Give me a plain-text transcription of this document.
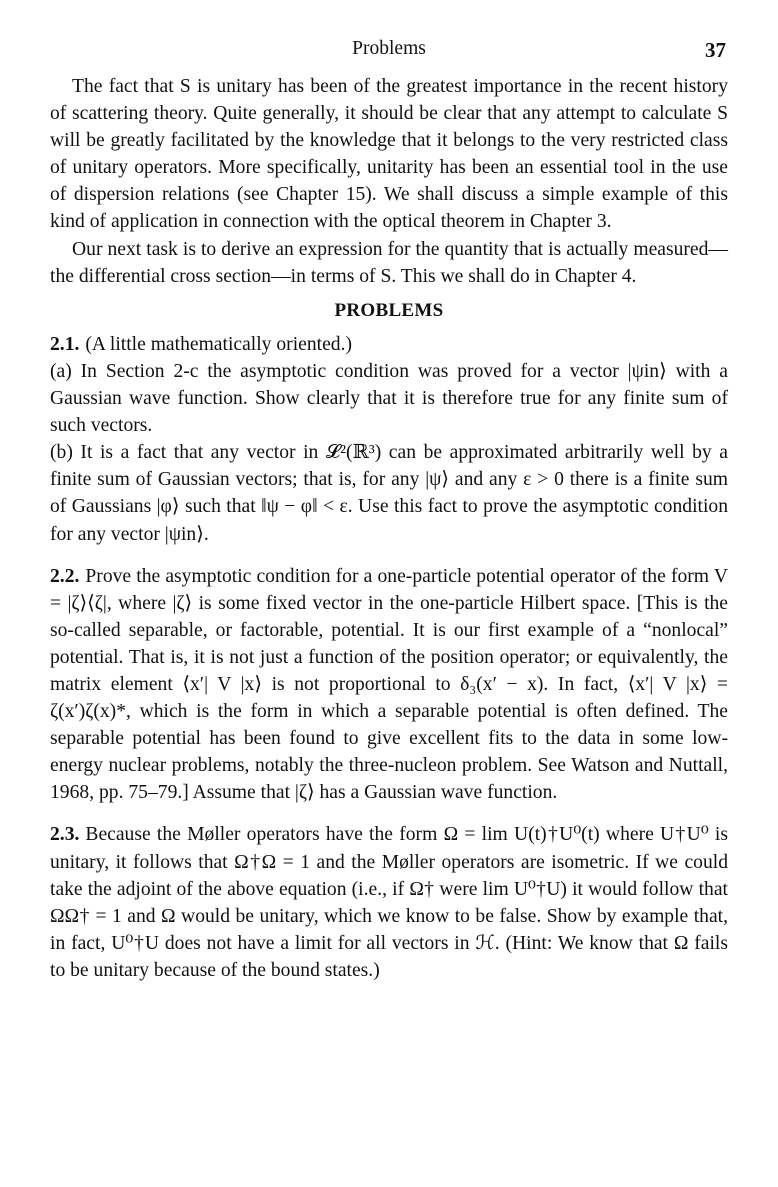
Problems	37

The fact that S is unitary has been of the greatest importance in the recent history of scattering theory. Quite generally, it should be clear that any attempt to calculate S will be greatly facilitated by the knowledge that it belongs to the very restricted class of unitary operators. More specifically, unitarity has been an essential tool in the use of dispersion relations (see Chapter 15). We shall discuss a simple example of this kind of application in connection with the optical theorem in Chapter 3.

Our next task is to derive an expression for the quantity that is actually measured—the differential cross section—in terms of S. This we shall do in Chapter 4.

PROBLEMS

2.1. (A little mathematically oriented.)

(a) In Section 2-c the asymptotic condition was proved for a vector |ψin⟩ with a Gaussian wave function. Show clearly that it is therefore true for any finite sum of such vectors.

(b) It is a fact that any vector in 𝓛²(ℝ³) can be approximated arbitrarily well by a finite sum of Gaussian vectors; that is, for any |ψ⟩ and any ε > 0 there is a finite sum of Gaussians |φ⟩ such that ‖ψ − φ‖ < ε. Use this fact to prove the asymptotic condition for any vector |ψin⟩.

2.2. Prove the asymptotic condition for a one-particle potential operator of the form V = |ζ⟩⟨ζ|, where |ζ⟩ is some fixed vector in the one-particle Hilbert space. [This is the so-called separable, or factorable, potential. It is our first example of a “nonlocal” potential. That is, it is not just a function of the position operator; or equivalently, the matrix element ⟨x′| V |x⟩ is not proportional to δ₃(x′ − x). In fact, ⟨x′| V |x⟩ = ζ(x′)ζ(x)*, which is the form in which a separable potential is often defined. The separable potential has been found to give excellent fits to the data in some low-energy nuclear problems, notably the three-nucleon problem. See Watson and Nuttall, 1968, pp. 75–79.] Assume that |ζ⟩ has a Gaussian wave function.

2.3. Because the Møller operators have the form Ω = lim U(t)†U⁰(t) where U†U⁰ is unitary, it follows that Ω†Ω = 1 and the Møller operators are isometric. If we could take the adjoint of the above equation (i.e., if Ω† were lim U⁰†U) it would follow that ΩΩ† = 1 and Ω would be unitary, which we know to be false. Show by example that, in fact, U⁰†U does not have a limit for all vectors in ℋ. (Hint: We know that Ω fails to be unitary because of the bound states.)
